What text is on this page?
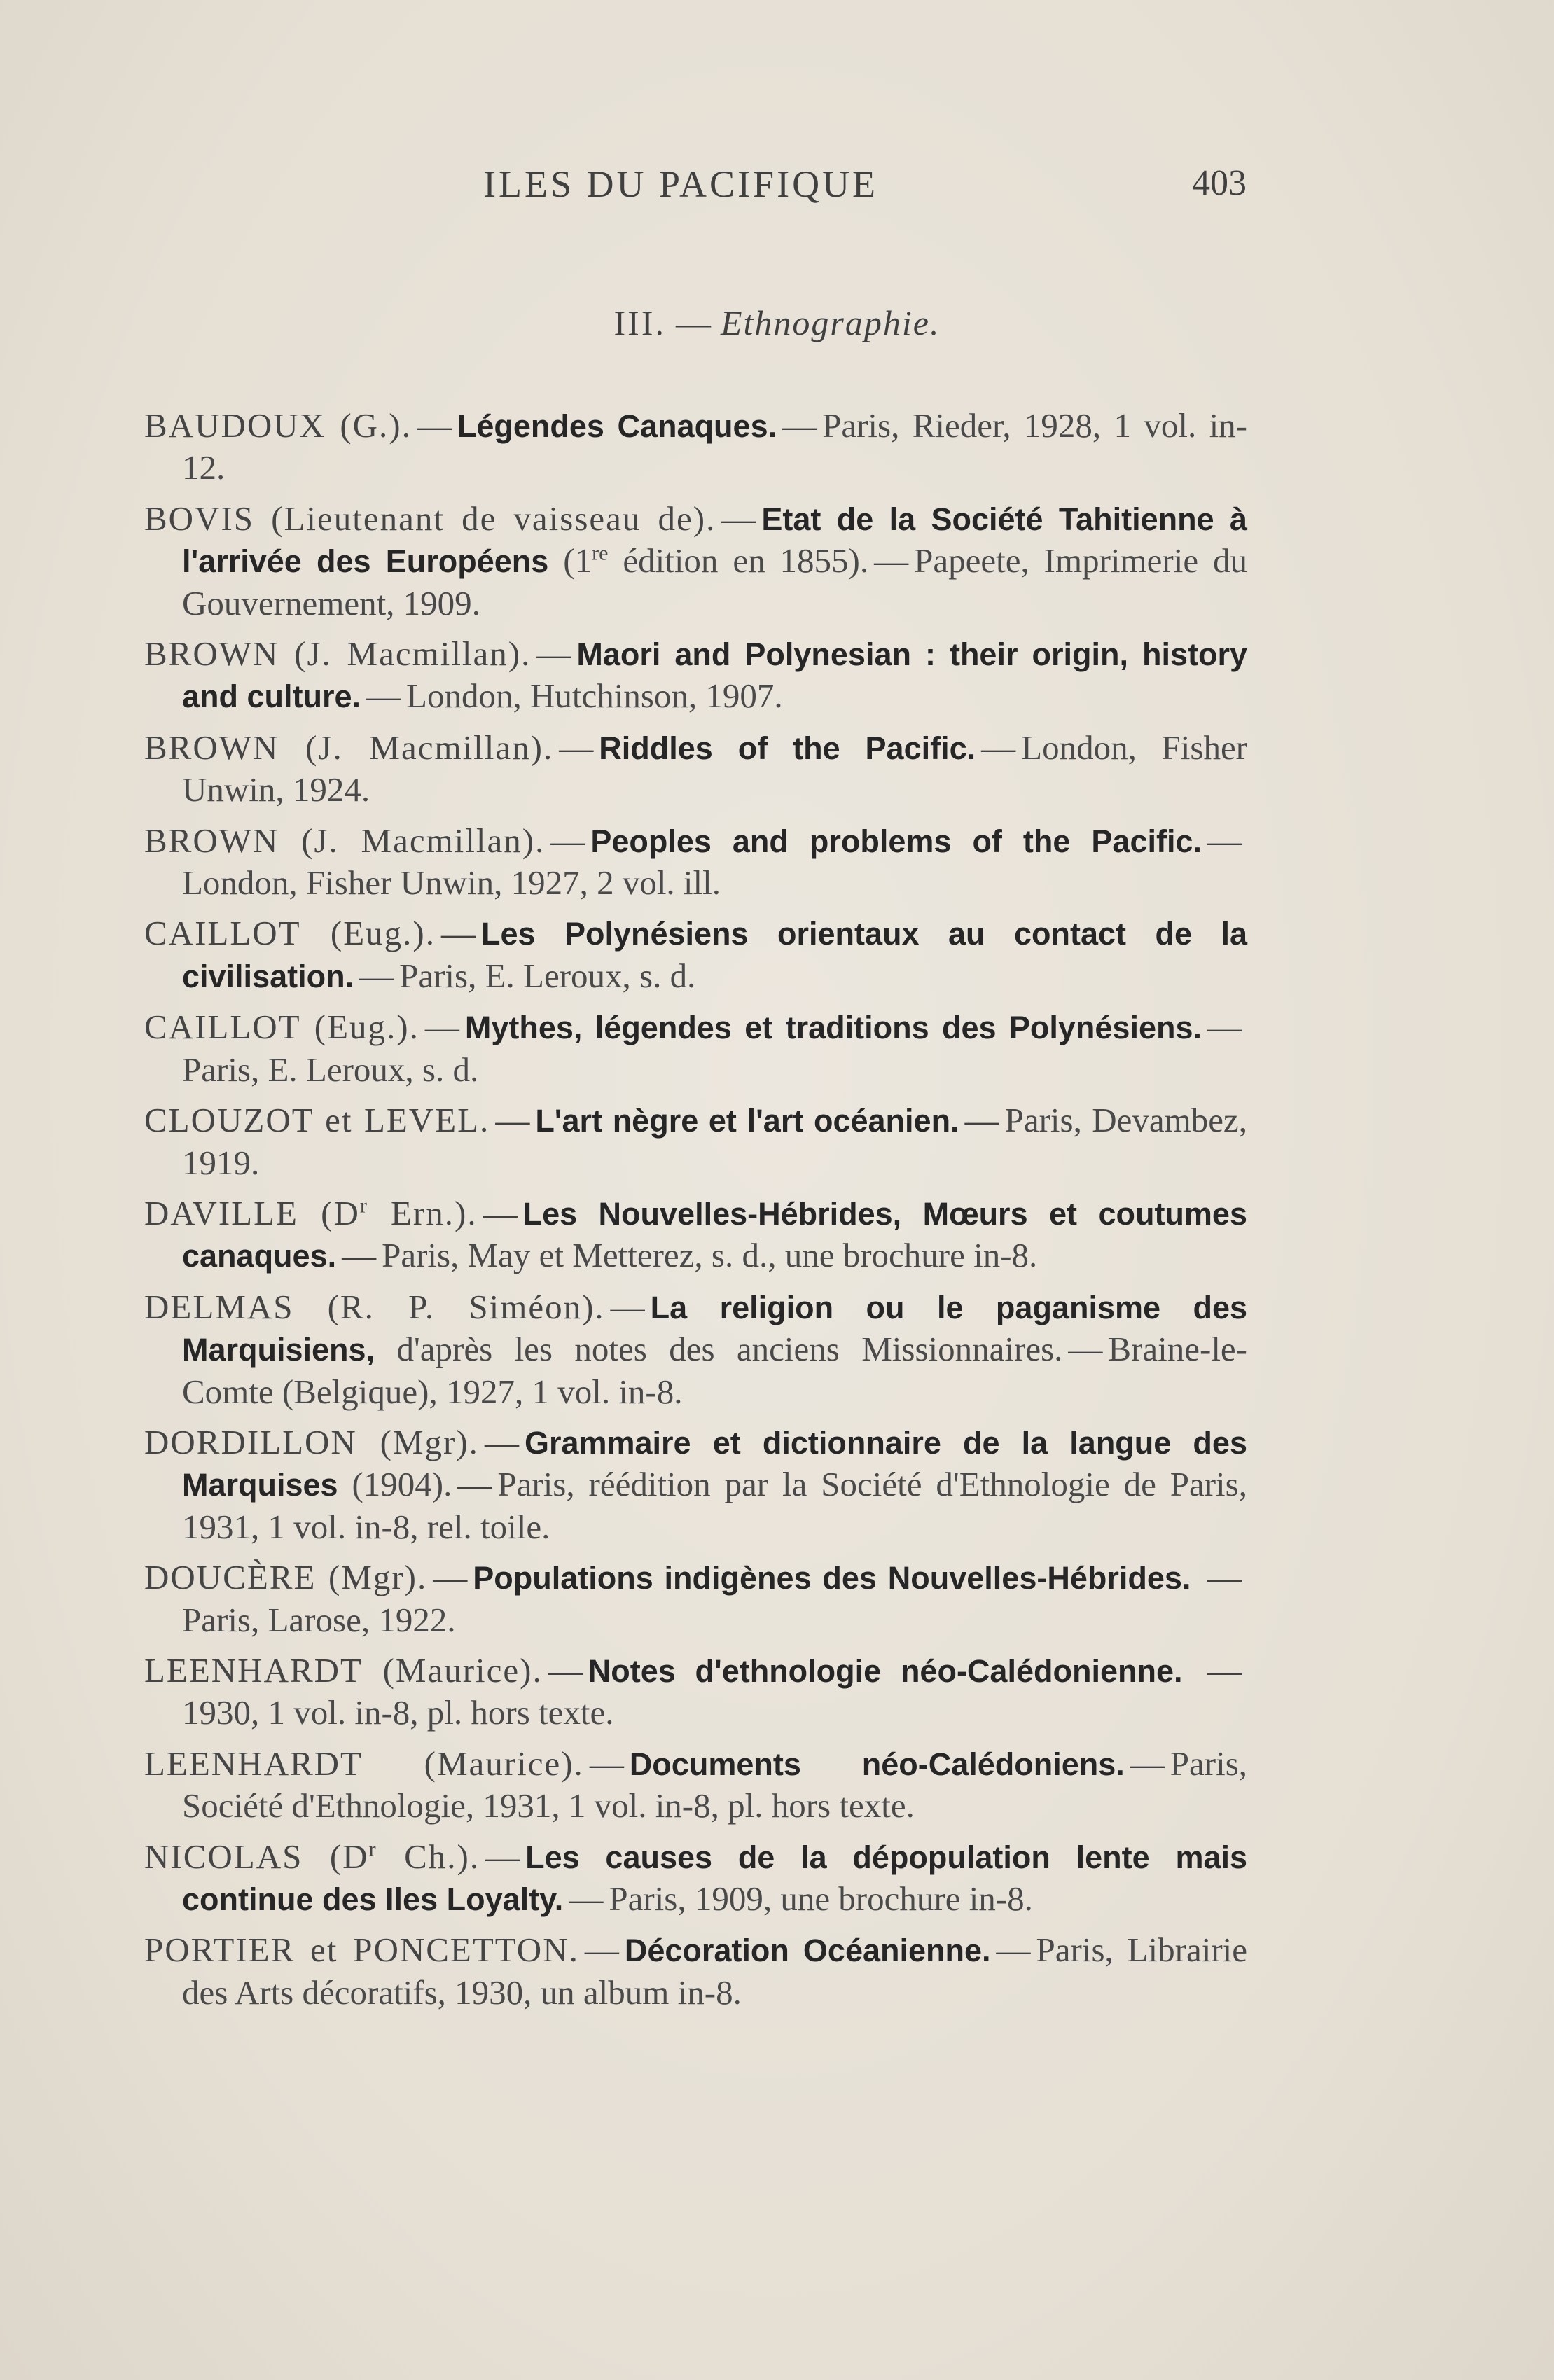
ILES DU PACIFIQUE	403
III. — Ethnographie.

BAUDOUX (G.). — Légendes Canaques. — Paris, Rieder, 1928, 1 vol. in-12.

BOVIS (Lieutenant de vaisseau de). — Etat de la Société Tahitienne à l'arrivée des Européens (1re édition en 1855). — Papeete, Imprimerie du Gouvernement, 1909.

BROWN (J. Macmillan). — Maori and Polynesian : their origin, history and culture. — London, Hutchinson, 1907.

BROWN (J. Macmillan). — Riddles of the Pacific. — London, Fisher Unwin, 1924.

BROWN (J. Macmillan). — Peoples and problems of the Pacific. —London, Fisher Unwin, 1927, 2 vol. ill.

CAILLOT (Eug.). — Les Polynésiens orientaux au contact de la civilisation. — Paris, E. Leroux, s. d.

CAILLOT (Eug.). — Mythes, légendes et traditions des Polynésiens. —Paris, E. Leroux, s. d.

CLOUZOT et LEVEL. — L'art nègre et l'art océanien. — Paris, Devambez, 1919.

DAVILLE ($D^r$ Ern.). — Les Nouvelles-Hébrides, Mœurs et coutumes canaques. — Paris, May et Metterez, s. d., une brochure in-8.

DELMAS (R. P. Siméon). — La religion ou le paganisme des Marquisiens, d'après les notes des anciens Missionnaires. — Braine-le-Comte (Belgique), 1927, 1 vol. in-8.

DORDILLON (Mgr). — Grammaire et dictionnaire de la langue des Marquises (1904). — Paris, réédition par la Société d'Ethnologie de Paris, 1931, 1 vol. in-8, rel. toile.

DOUCÈRE (Mgr). — Populations indigènes des Nouvelles-Hébrides. —Paris, Larose, 1922.

LEENHARDT (Maurice). — Notes d'ethnologie néo-Calédonienne. —1930, 1 vol. in-8, pl. hors texte.

LEENHARDT (Maurice). — Documents néo-Calédoniens. — Paris, Société d'Ethnologie, 1931, 1 vol. in-8, pl. hors texte.

NICOLAS ($D^r$ Ch.). — Les causes de la dépopulation lente mais continue des Iles Loyalty. — Paris, 1909, une brochure in-8.

PORTIER et PONCETTON. — Décoration Océanienne. — Paris, Librairie des Arts décoratifs, 1930, un album in-8.
